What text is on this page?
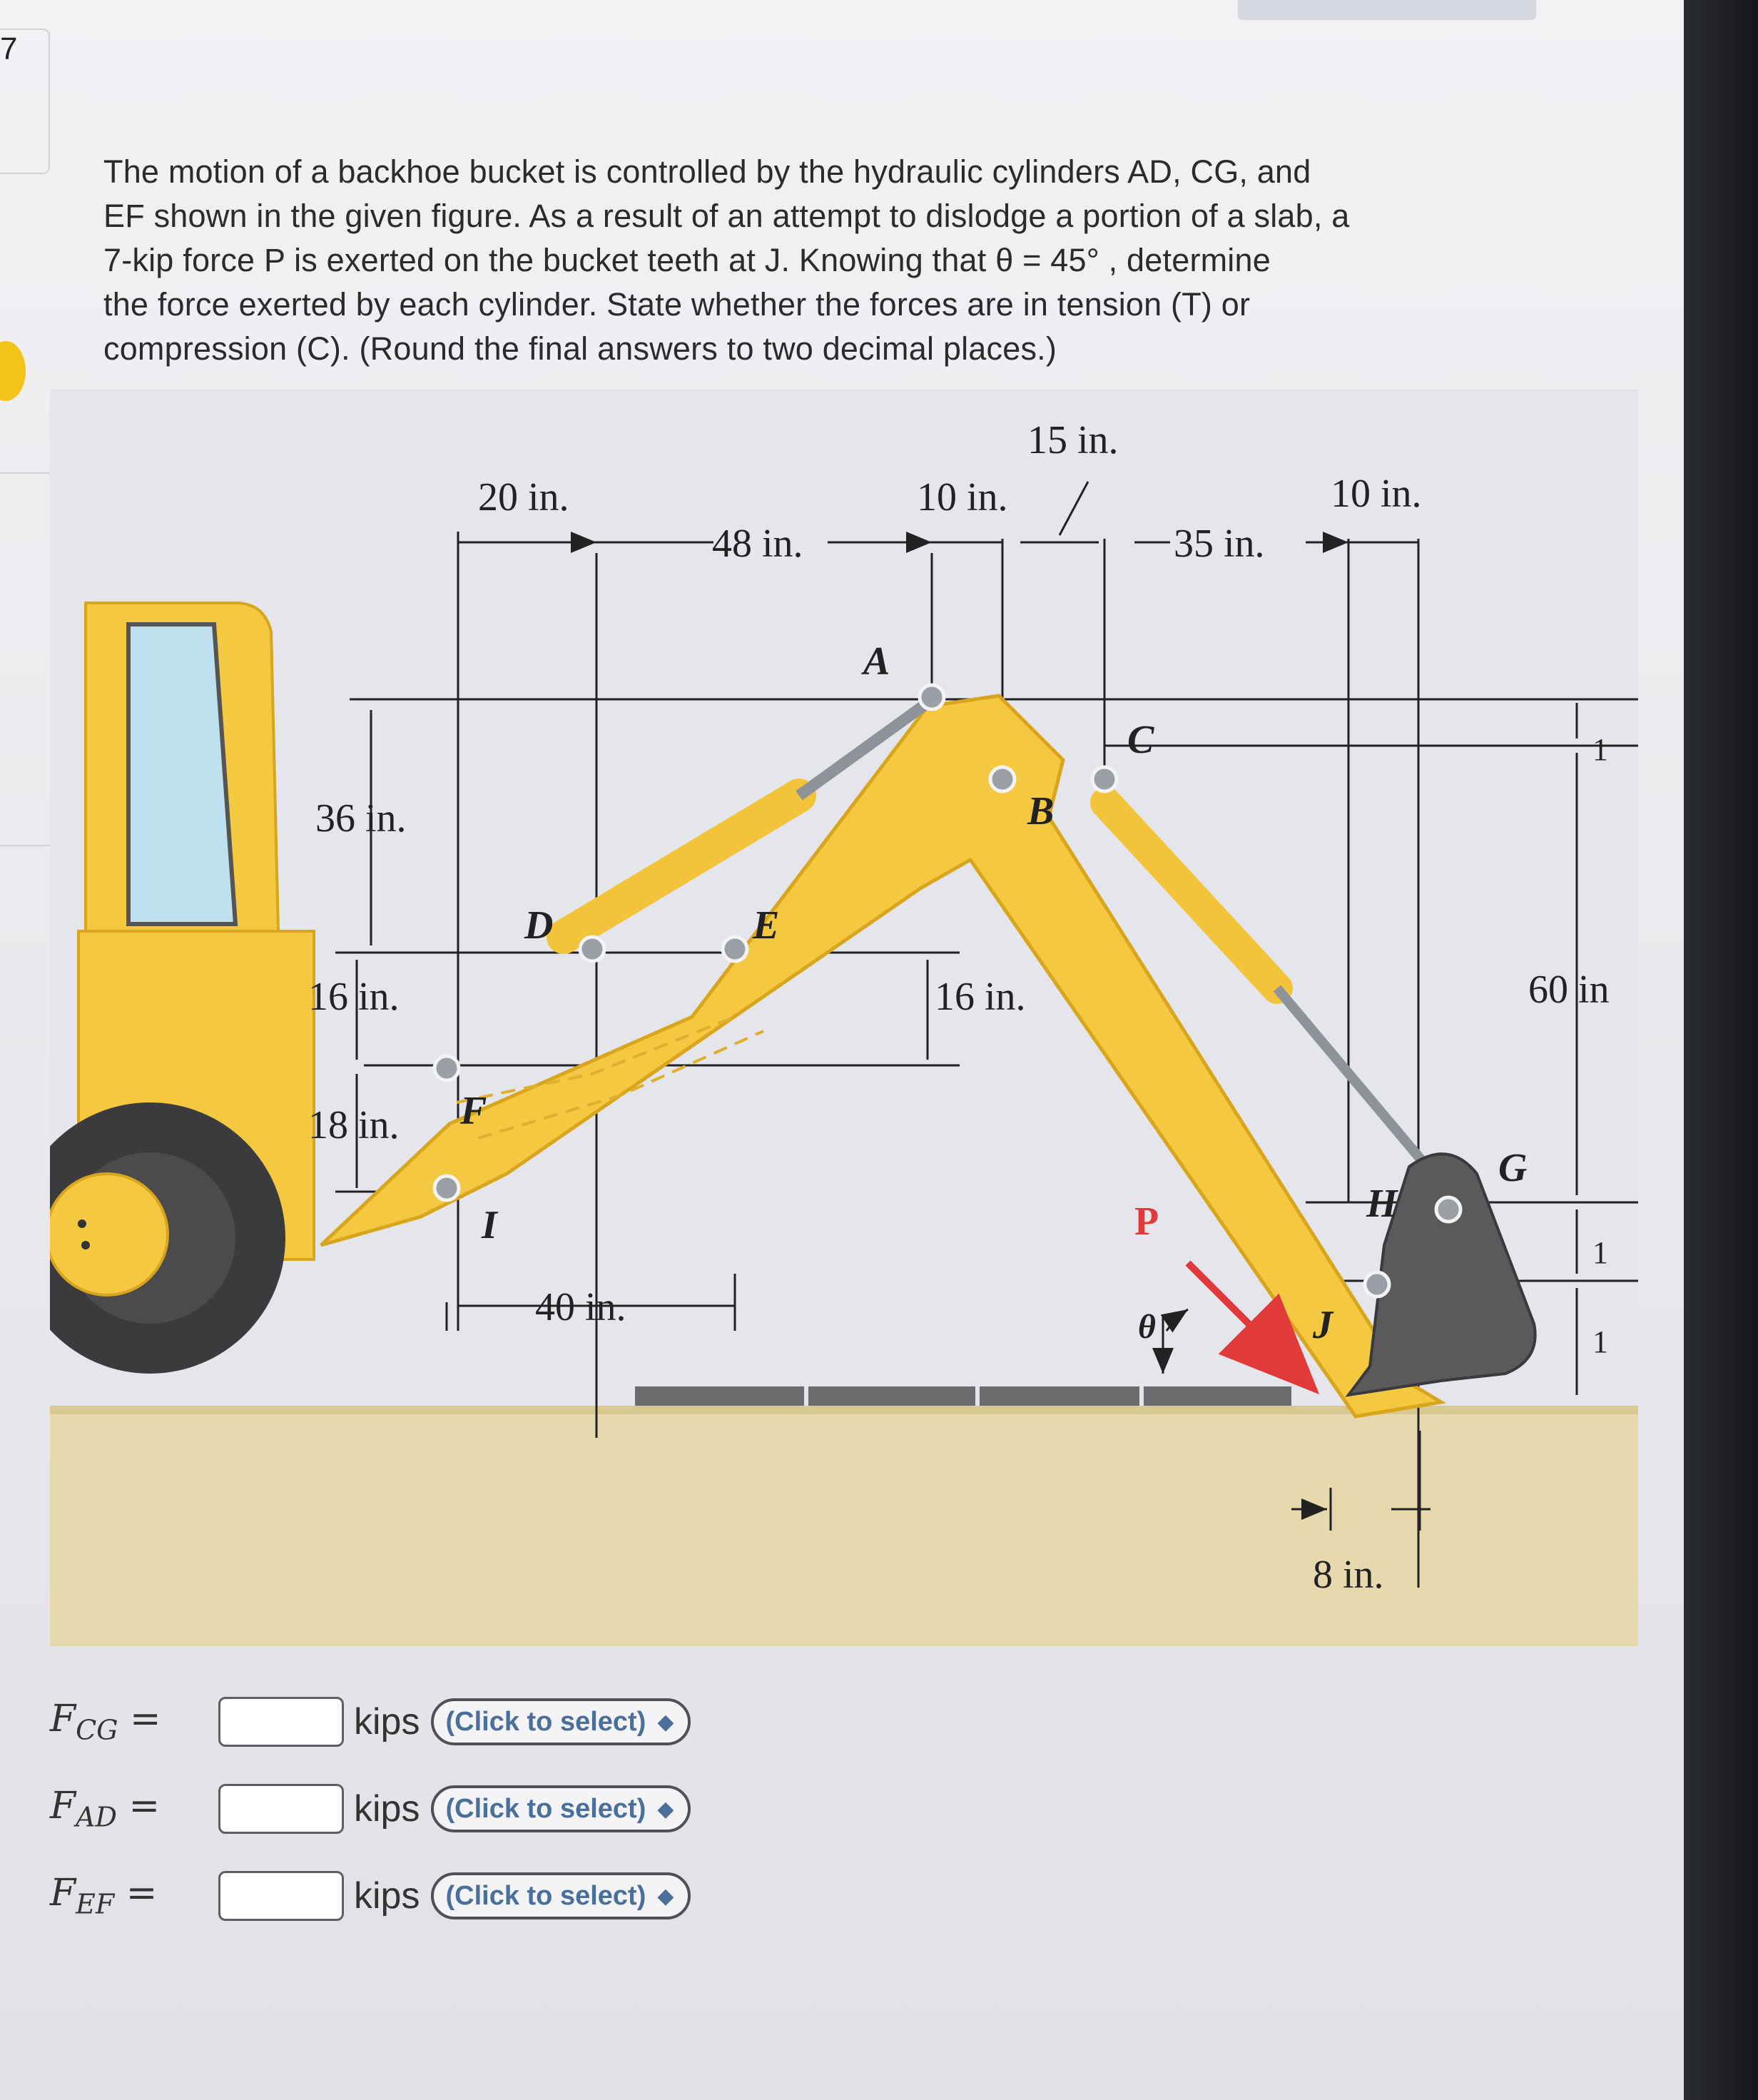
The motion of a backhoe bucket is controlled by the hydraulic cylinders AD, CG, and

EF shown in the given figure. As a result of an attempt to dislodge a portion of a slab, a

7-kip force P is exerted on the bucket teeth at J. Knowing that θ = 45° , determine

the force exerted by each cylinder. State whether the forces are in tension (T) or

compression (C). (Round the final answers to two decimal places.)

20 in.
48 in.
10 in.
15 in.
35 in.
10 in.
36 in.
16 in.
18 in.
40 in.
16 in.	60 in
8 in.
1
1
1
A
B
C
D	E
F
G
H
I
J
P
θ
$F_{CG}$ =	kips (Click to select) ◆
$F_{AD}$ =	kips (Click to select) ◆
$F_{EF}$ =	kips (Click to select) ◆
